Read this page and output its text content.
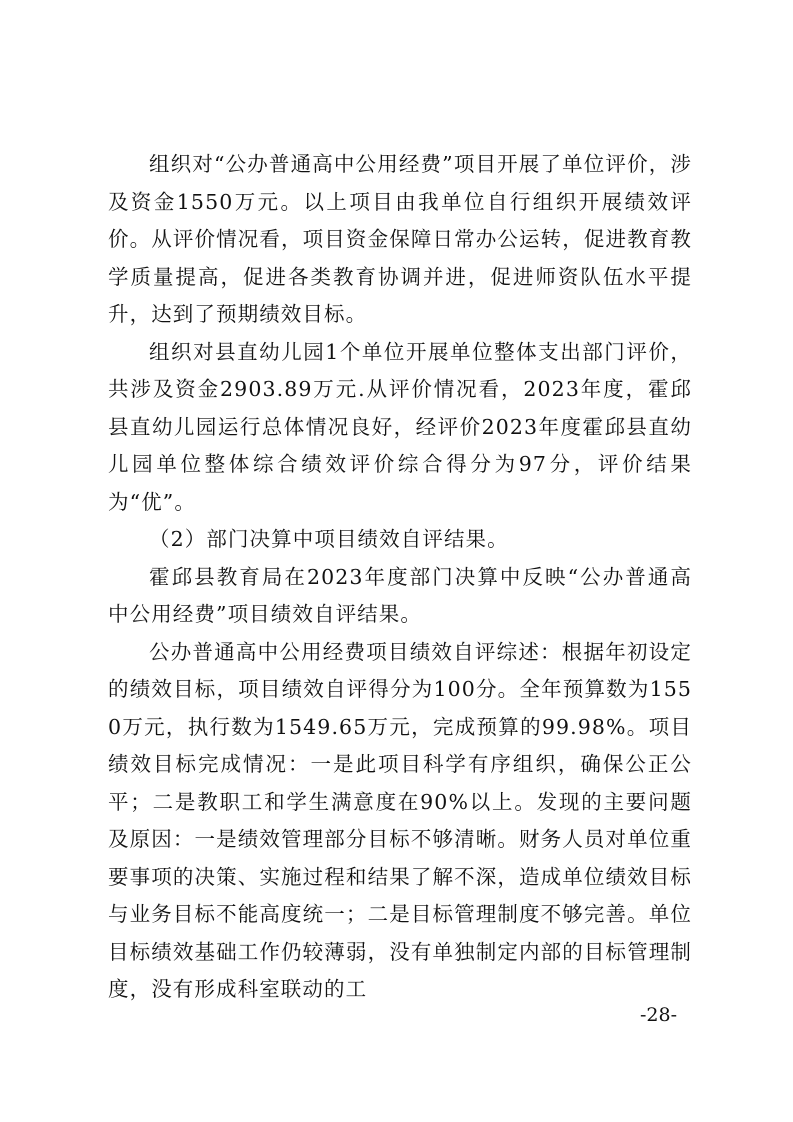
组织对“公办普通高中公用经费”项目开展了单位评价，涉及资金1550万元。以上项目由我单位自行组织开展绩效评价。从评价情况看，项目资金保障日常办公运转，促进教育教学质量提高，促进各类教育协调并进，促进师资队伍水平提升，达到了预期绩效目标。

组织对县直幼儿园1个单位开展单位整体支出部门评价，共涉及资金2903.89万元.从评价情况看，2023年度，霍邱县直幼儿园运行总体情况良好，经评价2023年度霍邱县直幼儿园单位整体综合绩效评价综合得分为97分，评价结果为“优”。

（2）部门决算中项目绩效自评结果。

霍邱县教育局在2023年度部门决算中反映“公办普通高中公用经费”项目绩效自评结果。

公办普通高中公用经费项目绩效自评综述：根据年初设定的绩效目标，项目绩效自评得分为100分。全年预算数为1550万元，执行数为1549.65万元，完成预算的99.98%。项目绩效目标完成情况：一是此项目科学有序组织，确保公正公平；二是教职工和学生满意度在90%以上。发现的主要问题及原因：一是绩效管理部分目标不够清晰。财务人员对单位重要事项的决策、实施过程和结果了解不深，造成单位绩效目标与业务目标不能高度统一；二是目标管理制度不够完善。单位目标绩效基础工作仍较薄弱，没有单独制定内部的目标管理制度，没有形成科室联动的工

-28-
